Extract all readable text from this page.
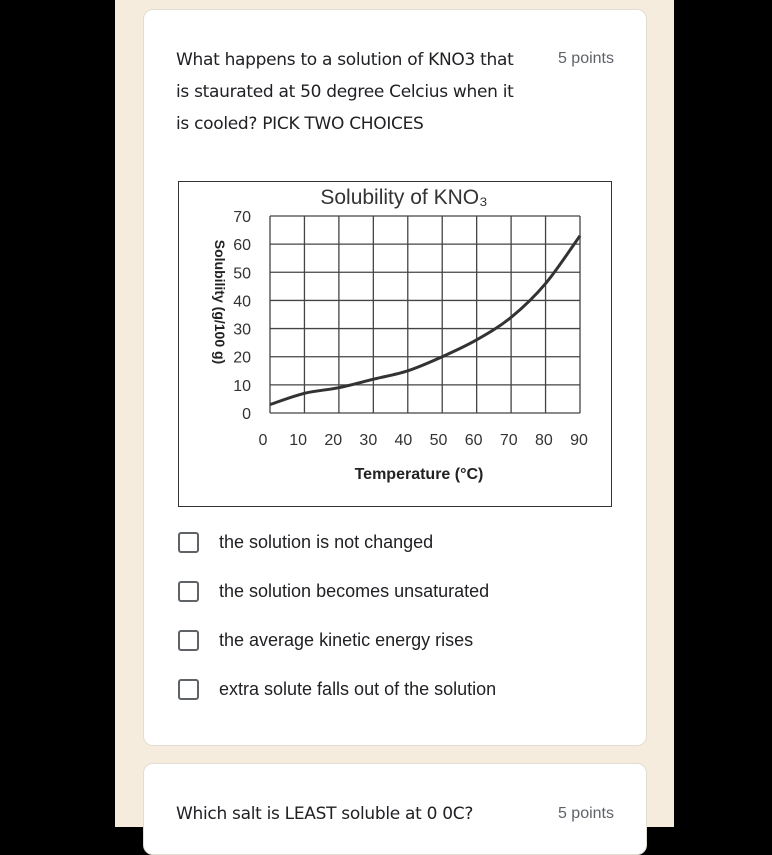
What happens to a solution of KNO3 that is staurated at 50 degree Celcius when it is cooled? PICK TWO CHOICES
5 points
0
10
20
30
40
50
60
70
0 10 20 30 40 50 60 70 80 90
Solubility of KNO₃
Solubility (g/100 g)
Temperature (°C)
the solution is not changed
the solution becomes unsaturated
the average kinetic energy rises
extra solute falls out of the solution
Which salt is LEAST soluble at 0 0C?	5 points
